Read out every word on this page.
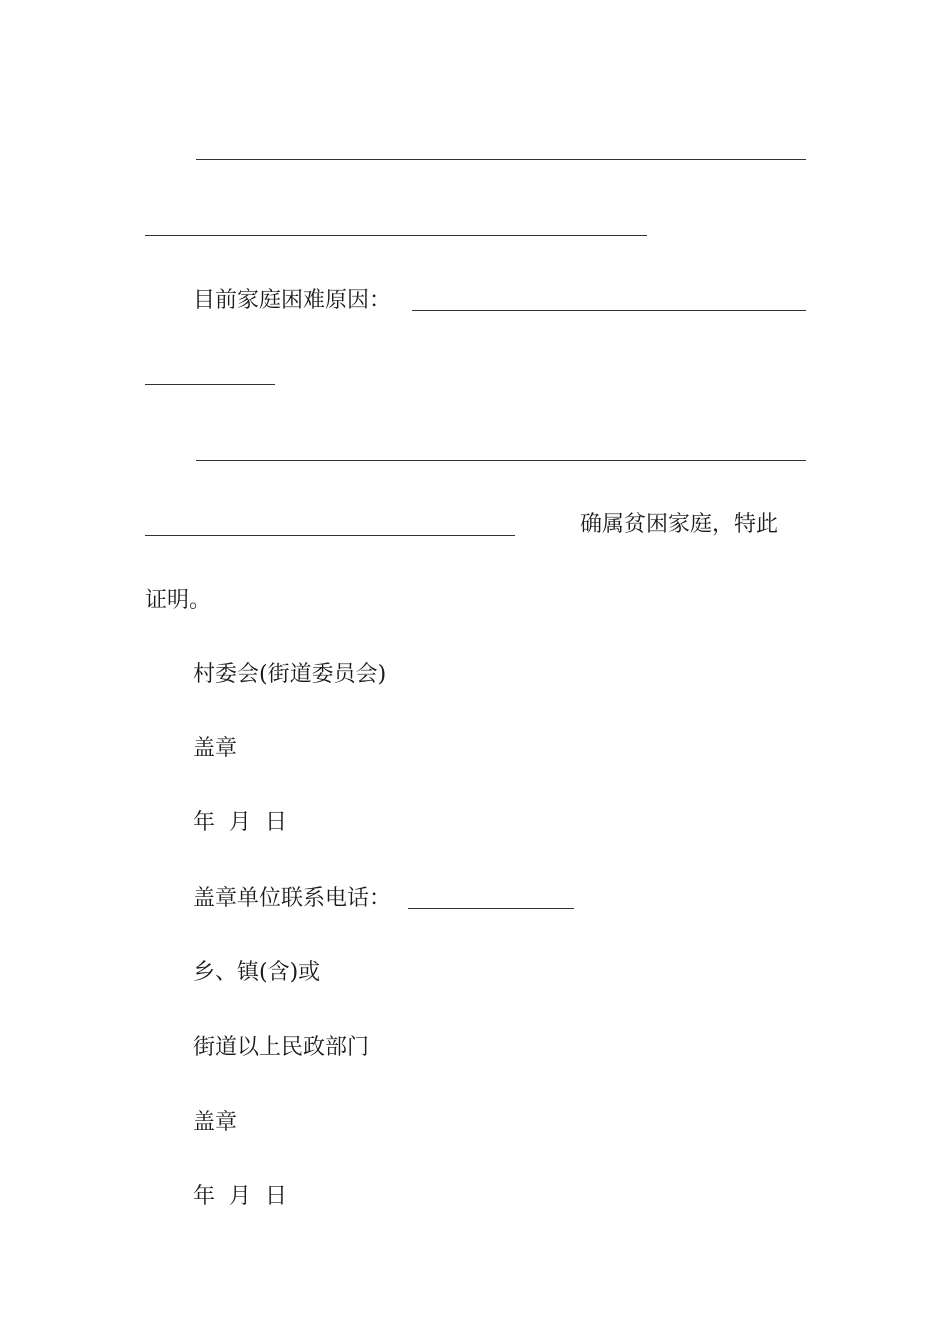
目前家庭困难原因：
确属贫困家庭，特此
证明。
村委会(街道委员会)
盖章
年  月  日
盖章单位联系电话：
乡、镇(含)或
街道以上民政部门
盖章
年  月  日
